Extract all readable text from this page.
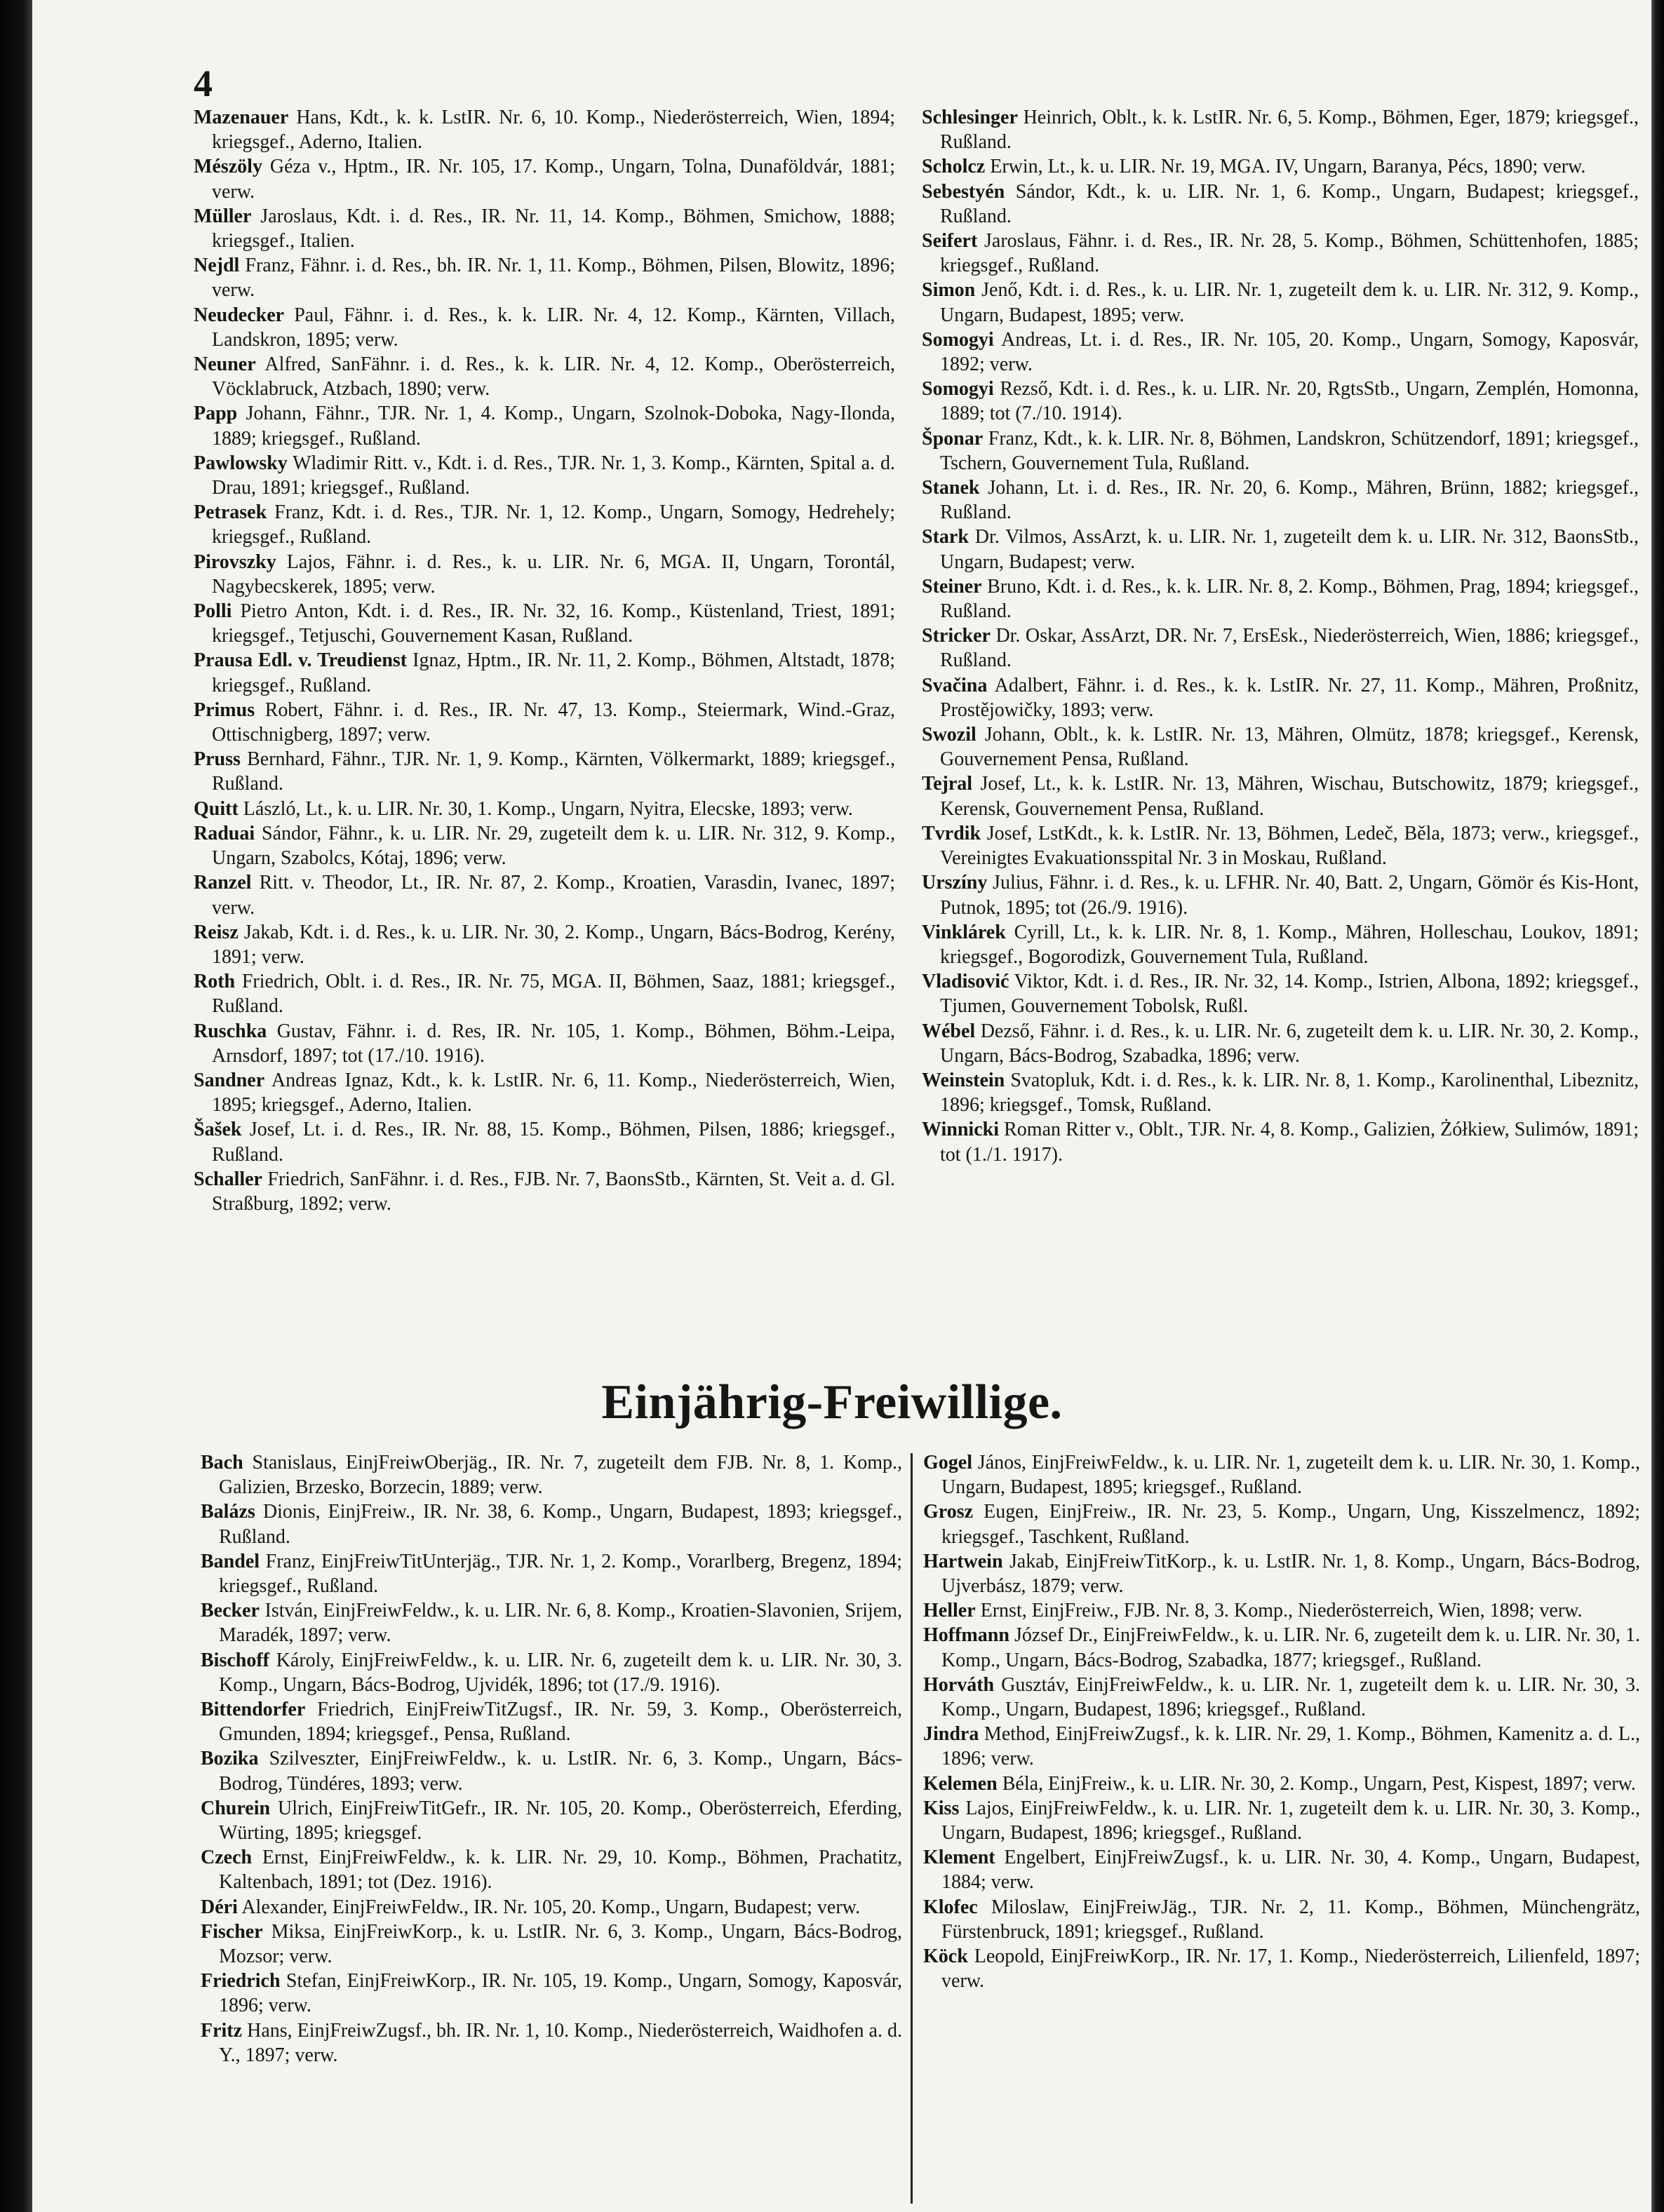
4

Mazenauer Hans, Kdt., k. k. LstIR. Nr. 6, 10. Komp., Niederösterreich, Wien, 1894; kriegsgef., Aderno, Italien.

Mészöly Géza v., Hptm., IR. Nr. 105, 17. Komp., Ungarn, Tolna, Dunaföldvár, 1881; verw.

Müller Jaroslaus, Kdt. i. d. Res., IR. Nr. 11, 14. Komp., Böhmen, Smichow, 1888; kriegsgef., Italien.

Nejdl Franz, Fähnr. i. d. Res., bh. IR. Nr. 1, 11. Komp., Böhmen, Pilsen, Blowitz, 1896; verw.

Neudecker Paul, Fähnr. i. d. Res., k. k. LIR. Nr. 4, 12. Komp., Kärnten, Villach, Landskron, 1895; verw.

Neuner Alfred, SanFähnr. i. d. Res., k. k. LIR. Nr. 4, 12. Komp., Oberösterreich, Vöcklabruck, Atzbach, 1890; verw.

Papp Johann, Fähnr., TJR. Nr. 1, 4. Komp., Ungarn, Szolnok-Doboka, Nagy-Ilonda, 1889; kriegsgef., Rußland.

Pawlowsky Wladimir Ritt. v., Kdt. i. d. Res., TJR. Nr. 1, 3. Komp., Kärnten, Spital a. d. Drau, 1891; kriegsgef., Rußland.

Petrasek Franz, Kdt. i. d. Res., TJR. Nr. 1, 12. Komp., Ungarn, Somogy, Hedrehely; kriegsgef., Rußland.

Pirovszky Lajos, Fähnr. i. d. Res., k. u. LIR. Nr. 6, MGA. II, Ungarn, Torontál, Nagybecskerek, 1895; verw.

Polli Pietro Anton, Kdt. i. d. Res., IR. Nr. 32, 16. Komp., Küstenland, Triest, 1891; kriegsgef., Tetjuschi, Gouvernement Kasan, Rußland.

Prausa Edl. v. Treudienst Ignaz, Hptm., IR. Nr. 11, 2. Komp., Böhmen, Altstadt, 1878; kriegsgef., Rußland.

Primus Robert, Fähnr. i. d. Res., IR. Nr. 47, 13. Komp., Steiermark, Wind.-Graz, Ottischnigberg, 1897; verw.

Pruss Bernhard, Fähnr., TJR. Nr. 1, 9. Komp., Kärnten, Völkermarkt, 1889; kriegsgef., Rußland.

Quitt László, Lt., k. u. LIR. Nr. 30, 1. Komp., Ungarn, Nyitra, Elecske, 1893; verw.

Raduai Sándor, Fähnr., k. u. LIR. Nr. 29, zugeteilt dem k. u. LIR. Nr. 312, 9. Komp., Ungarn, Szabolcs, Kótaj, 1896; verw.

Ranzel Ritt. v. Theodor, Lt., IR. Nr. 87, 2. Komp., Kroatien, Varasdin, Ivanec, 1897; verw.

Reisz Jakab, Kdt. i. d. Res., k. u. LIR. Nr. 30, 2. Komp., Ungarn, Bács-Bodrog, Kerény, 1891; verw.

Roth Friedrich, Oblt. i. d. Res., IR. Nr. 75, MGA. II, Böhmen, Saaz, 1881; kriegsgef., Rußland.

Ruschka Gustav, Fähnr. i. d. Res, IR. Nr. 105, 1. Komp., Böhmen, Böhm.-Leipa, Arnsdorf, 1897; tot (17./10. 1916).

Sandner Andreas Ignaz, Kdt., k. k. LstIR. Nr. 6, 11. Komp., Niederösterreich, Wien, 1895; kriegsgef., Aderno, Italien.

Šašek Josef, Lt. i. d. Res., IR. Nr. 88, 15. Komp., Böhmen, Pilsen, 1886; kriegsgef., Rußland.

Schaller Friedrich, SanFähnr. i. d. Res., FJB. Nr. 7, BaonsStb., Kärnten, St. Veit a. d. Gl. Straßburg, 1892; verw.

Schlesinger Heinrich, Oblt., k. k. LstIR. Nr. 6, 5. Komp., Böhmen, Eger, 1879; kriegsgef., Rußland.

Scholcz Erwin, Lt., k. u. LIR. Nr. 19, MGA. IV, Ungarn, Baranya, Pécs, 1890; verw.

Sebestyén Sándor, Kdt., k. u. LIR. Nr. 1, 6. Komp., Ungarn, Budapest; kriegsgef., Rußland.

Seifert Jaroslaus, Fähnr. i. d. Res., IR. Nr. 28, 5. Komp., Böhmen, Schüttenhofen, 1885; kriegsgef., Rußland.

Simon Jenő, Kdt. i. d. Res., k. u. LIR. Nr. 1, zugeteilt dem k. u. LIR. Nr. 312, 9. Komp., Ungarn, Budapest, 1895; verw.

Somogyi Andreas, Lt. i. d. Res., IR. Nr. 105, 20. Komp., Ungarn, Somogy, Kaposvár, 1892; verw.

Somogyi Rezső, Kdt. i. d. Res., k. u. LIR. Nr. 20, RgtsStb., Ungarn, Zemplén, Homonna, 1889; tot (7./10. 1914).

Šponar Franz, Kdt., k. k. LIR. Nr. 8, Böhmen, Landskron, Schützendorf, 1891; kriegsgef., Tschern, Gouvernement Tula, Rußland.

Stanek Johann, Lt. i. d. Res., IR. Nr. 20, 6. Komp., Mähren, Brünn, 1882; kriegsgef., Rußland.

Stark Dr. Vilmos, AssArzt, k. u. LIR. Nr. 1, zugeteilt dem k. u. LIR. Nr. 312, BaonsStb., Ungarn, Budapest; verw.

Steiner Bruno, Kdt. i. d. Res., k. k. LIR. Nr. 8, 2. Komp., Böhmen, Prag, 1894; kriegsgef., Rußland.

Stricker Dr. Oskar, AssArzt, DR. Nr. 7, ErsEsk., Niederösterreich, Wien, 1886; kriegsgef., Rußland.

Svačina Adalbert, Fähnr. i. d. Res., k. k. LstIR. Nr. 27, 11. Komp., Mähren, Proßnitz, Prostějowičky, 1893; verw.

Swozil Johann, Oblt., k. k. LstIR. Nr. 13, Mähren, Olmütz, 1878; kriegsgef., Kerensk, Gouvernement Pensa, Rußland.

Tejral Josef, Lt., k. k. LstIR. Nr. 13, Mähren, Wischau, Butschowitz, 1879; kriegsgef., Kerensk, Gouvernement Pensa, Rußland.

Tvrdik Josef, LstKdt., k. k. LstIR. Nr. 13, Böhmen, Ledeč, Běla, 1873; verw., kriegsgef., Vereinigtes Evakuationsspital Nr. 3 in Moskau, Rußland.

Urszíny Julius, Fähnr. i. d. Res., k. u. LFHR. Nr. 40, Batt. 2, Ungarn, Gömör és Kis-Hont, Putnok, 1895; tot (26./9. 1916).

Vinklárek Cyrill, Lt., k. k. LIR. Nr. 8, 1. Komp., Mähren, Holleschau, Loukov, 1891; kriegsgef., Bogorodizk, Gouvernement Tula, Rußland.

Vladisović Viktor, Kdt. i. d. Res., IR. Nr. 32, 14. Komp., Istrien, Albona, 1892; kriegsgef., Tjumen, Gouvernement Tobolsk, Rußl.

Wébel Dezső, Fähnr. i. d. Res., k. u. LIR. Nr. 6, zugeteilt dem k. u. LIR. Nr. 30, 2. Komp., Ungarn, Bács-Bodrog, Szabadka, 1896; verw.

Weinstein Svatopluk, Kdt. i. d. Res., k. k. LIR. Nr. 8, 1. Komp., Karolinenthal, Libeznitz, 1896; kriegsgef., Tomsk, Rußland.

Winnicki Roman Ritter v., Oblt., TJR. Nr. 4, 8. Komp., Galizien, Żółkiew, Sulimów, 1891; tot (1./1. 1917).

Einjährig-Freiwillige.

Bach Stanislaus, EinjFreiwOberjäg., IR. Nr. 7, zugeteilt dem FJB. Nr. 8, 1. Komp., Galizien, Brzesko, Borzecin, 1889; verw.

Balázs Dionis, EinjFreiw., IR. Nr. 38, 6. Komp., Ungarn, Budapest, 1893; kriegsgef., Rußland.

Bandel Franz, EinjFreiwTitUnterjäg., TJR. Nr. 1, 2. Komp., Vorarlberg, Bregenz, 1894; kriegsgef., Rußland.

Becker István, EinjFreiwFeldw., k. u. LIR. Nr. 6, 8. Komp., Kroatien-Slavonien, Srijem, Maradék, 1897; verw.

Bischoff Károly, EinjFreiwFeldw., k. u. LIR. Nr. 6, zugeteilt dem k. u. LIR. Nr. 30, 3. Komp., Ungarn, Bács-Bodrog, Ujvidék, 1896; tot (17./9. 1916).

Bittendorfer Friedrich, EinjFreiwTitZugsf., IR. Nr. 59, 3. Komp., Oberösterreich, Gmunden, 1894; kriegsgef., Pensa, Rußland.

Bozika Szilveszter, EinjFreiwFeldw., k. u. LstIR. Nr. 6, 3. Komp., Ungarn, Bács-Bodrog, Tündéres, 1893; verw.

Churein Ulrich, EinjFreiwTitGefr., IR. Nr. 105, 20. Komp., Oberösterreich, Eferding, Würting, 1895; kriegsgef.

Czech Ernst, EinjFreiwFeldw., k. k. LIR. Nr. 29, 10. Komp., Böhmen, Prachatitz, Kaltenbach, 1891; tot (Dez. 1916).

Déri Alexander, EinjFreiwFeldw., IR. Nr. 105, 20. Komp., Ungarn, Budapest; verw.

Fischer Miksa, EinjFreiwKorp., k. u. LstIR. Nr. 6, 3. Komp., Ungarn, Bács-Bodrog, Mozsor; verw.

Friedrich Stefan, EinjFreiwKorp., IR. Nr. 105, 19. Komp., Ungarn, Somogy, Kaposvár, 1896; verw.

Fritz Hans, EinjFreiwZugsf., bh. IR. Nr. 1, 10. Komp., Niederösterreich, Waidhofen a. d. Y., 1897; verw.

Gogel János, EinjFreiwFeldw., k. u. LIR. Nr. 1, zugeteilt dem k. u. LIR. Nr. 30, 1. Komp., Ungarn, Budapest, 1895; kriegsgef., Rußland.

Grosz Eugen, EinjFreiw., IR. Nr. 23, 5. Komp., Ungarn, Ung, Kisszelmencz, 1892; kriegsgef., Taschkent, Rußland.

Hartwein Jakab, EinjFreiwTitKorp., k. u. LstIR. Nr. 1, 8. Komp., Ungarn, Bács-Bodrog, Ujverbász, 1879; verw.

Heller Ernst, EinjFreiw., FJB. Nr. 8, 3. Komp., Niederösterreich, Wien, 1898; verw.

Hoffmann József Dr., EinjFreiwFeldw., k. u. LIR. Nr. 6, zugeteilt dem k. u. LIR. Nr. 30, 1. Komp., Ungarn, Bács-Bodrog, Szabadka, 1877; kriegsgef., Rußland.

Horváth Gusztáv, EinjFreiwFeldw., k. u. LIR. Nr. 1, zugeteilt dem k. u. LIR. Nr. 30, 3. Komp., Ungarn, Budapest, 1896; kriegsgef., Rußland.

Jindra Method, EinjFreiwZugsf., k. k. LIR. Nr. 29, 1. Komp., Böhmen, Kamenitz a. d. L., 1896; verw.

Kelemen Béla, EinjFreiw., k. u. LIR. Nr. 30, 2. Komp., Ungarn, Pest, Kispest, 1897; verw.

Kiss Lajos, EinjFreiwFeldw., k. u. LIR. Nr. 1, zugeteilt dem k. u. LIR. Nr. 30, 3. Komp., Ungarn, Budapest, 1896; kriegsgef., Rußland.

Klement Engelbert, EinjFreiwZugsf., k. u. LIR. Nr. 30, 4. Komp., Ungarn, Budapest, 1884; verw.

Klofec Miloslaw, EinjFreiwJäg., TJR. Nr. 2, 11. Komp., Böhmen, Münchengrätz, Fürstenbruck, 1891; kriegsgef., Rußland.

Köck Leopold, EinjFreiwKorp., IR. Nr. 17, 1. Komp., Niederösterreich, Lilienfeld, 1897; verw.
